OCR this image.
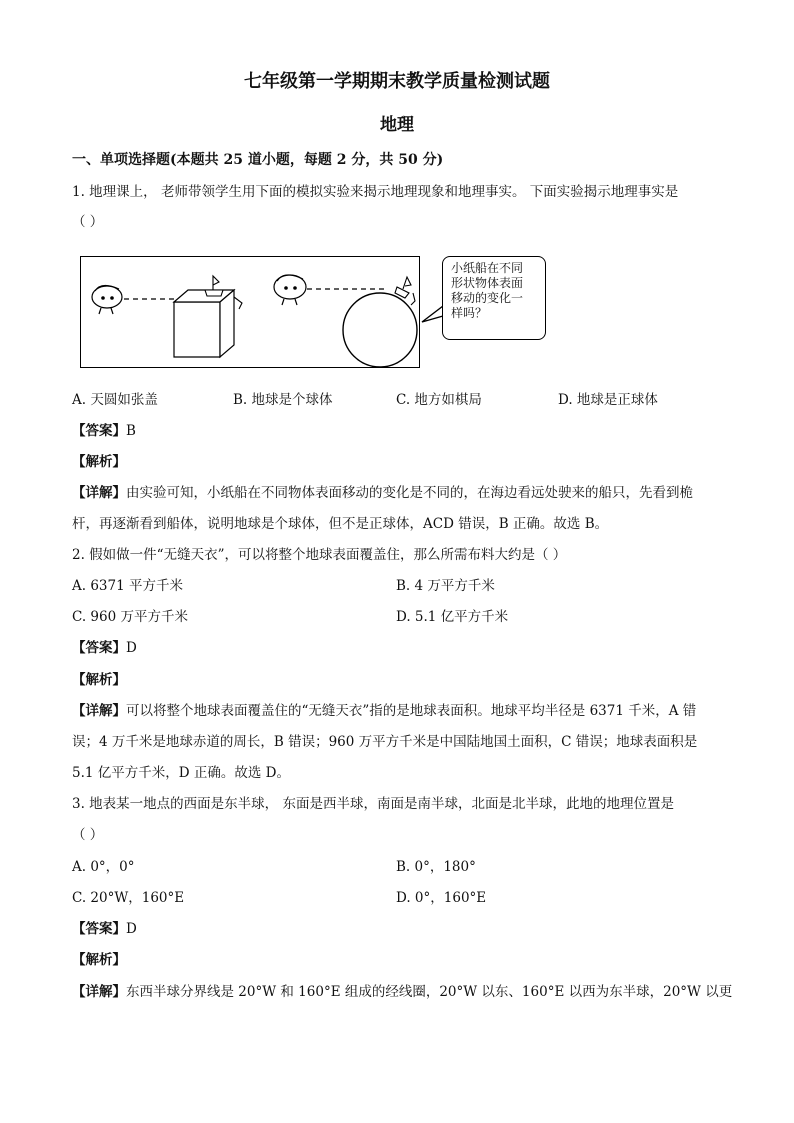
七年级第一学期期末教学质量检测试题
地理
一、单项选择题(本题共 25 道小题，每题 2 分，共 50 分)
1. 地理课上， 老师带领学生用下面的模拟实验来揭示地理现象和地理事实。 下面实验揭示地理事实是
（ ）
小纸船在不同
形状物体表面
移动的变化一
样吗？
A. 天圆如张盖	B. 地球是个球体	C. 地方如棋局	D. 地球是正球体
【答案】B
【解析】
【详解】由实验可知，小纸船在不同物体表面移动的变化是不同的，在海边看远处驶来的船只，先看到桅
杆，再逐渐看到船体，说明地球是个球体，但不是正球体，ACD 错误，B 正确。故选 B。
2. 假如做一件“无缝天衣”，可以将整个地球表面覆盖住，那么所需布料大约是（ ）
A. 6371 平方千米	B. 4 万平方千米
C. 960 万平方千米	D. 5.1 亿平方千米
【答案】D
【解析】
【详解】可以将整个地球表面覆盖住的“无缝天衣”指的是地球表面积。地球平均半径是 6371 千米，A 错
误；4 万千米是地球赤道的周长，B 错误；960 万平方千米是中国陆地国土面积，C 错误；地球表面积是
5.1 亿平方千米，D 正确。故选 D。
3. 地表某一地点的西面是东半球， 东面是西半球，南面是南半球，北面是北半球，此地的地理位置是
（ ）
A. 0°，0°	B. 0°，180°
C. 20°W，160°E	D. 0°，160°E
【答案】D
【解析】
【详解】东西半球分界线是 20°W 和 160°E 组成的经线圈，20°W 以东、160°E 以西为东半球，20°W 以更
